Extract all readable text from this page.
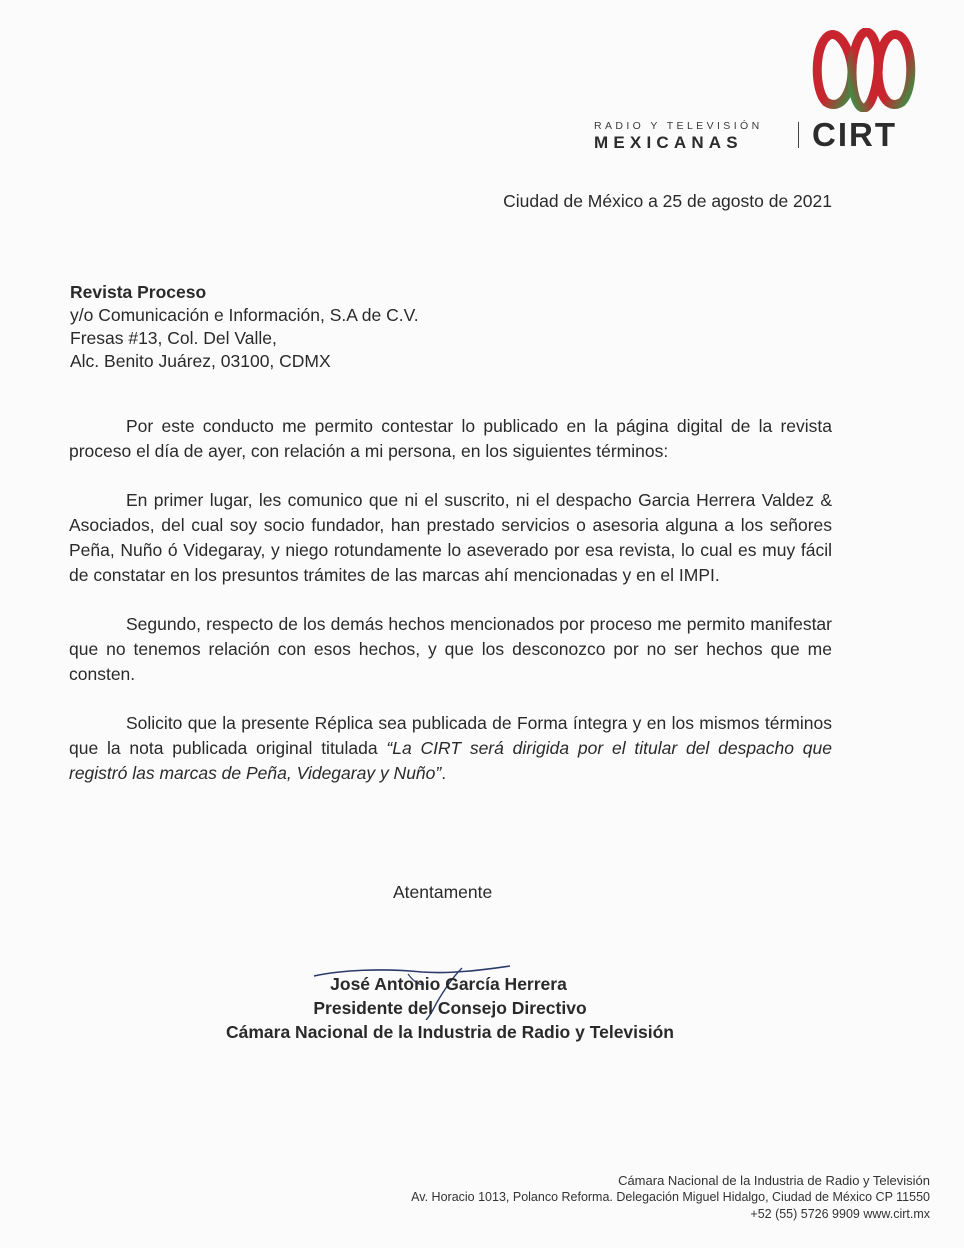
RADIO Y TELEVISIÓN
MEXICANAS CIRT
Ciudad de México a 25 de agosto de 2021
Revista Proceso
y/o Comunicación e Información, S.A de C.V.
Fresas #13, Col. Del Valle,
Alc. Benito Juárez, 03100, CDMX

Por este conducto me permito contestar lo publicado en la página digital de la revista proceso el día de ayer, con relación a mi persona, en los siguientes términos:

En primer lugar, les comunico que ni el suscrito, ni el despacho Garcia Herrera Valdez & Asociados, del cual soy socio fundador, han prestado servicios o asesoria alguna a los señores Peña, Nuño ó Videgaray, y niego rotundamente lo aseverado por esa revista, lo cual es muy fácil de constatar en los presuntos trámites de las marcas ahí mencionadas y en el IMPI.

Segundo, respecto de los demás hechos mencionados por proceso me permito manifestar que no tenemos relación con esos hechos, y que los desconozco por no ser hechos que me consten.

Solicito que la presente Réplica sea publicada de Forma íntegra y en los mismos términos que la nota publicada original titulada “La CIRT será dirigida por el titular del despacho que registró las marcas de Peña, Videgaray y Nuño”.

Atentamente
José Antonio García Herrera
Presidente del Consejo Directivo
Cámara Nacional de la Industria de Radio y Televisión
Cámara Nacional de la Industria de Radio y Televisión
Av. Horacio 1013, Polanco Reforma. Delegación Miguel Hidalgo, Ciudad de México CP 11550
+52 (55) 5726 9909 www.cirt.mx
